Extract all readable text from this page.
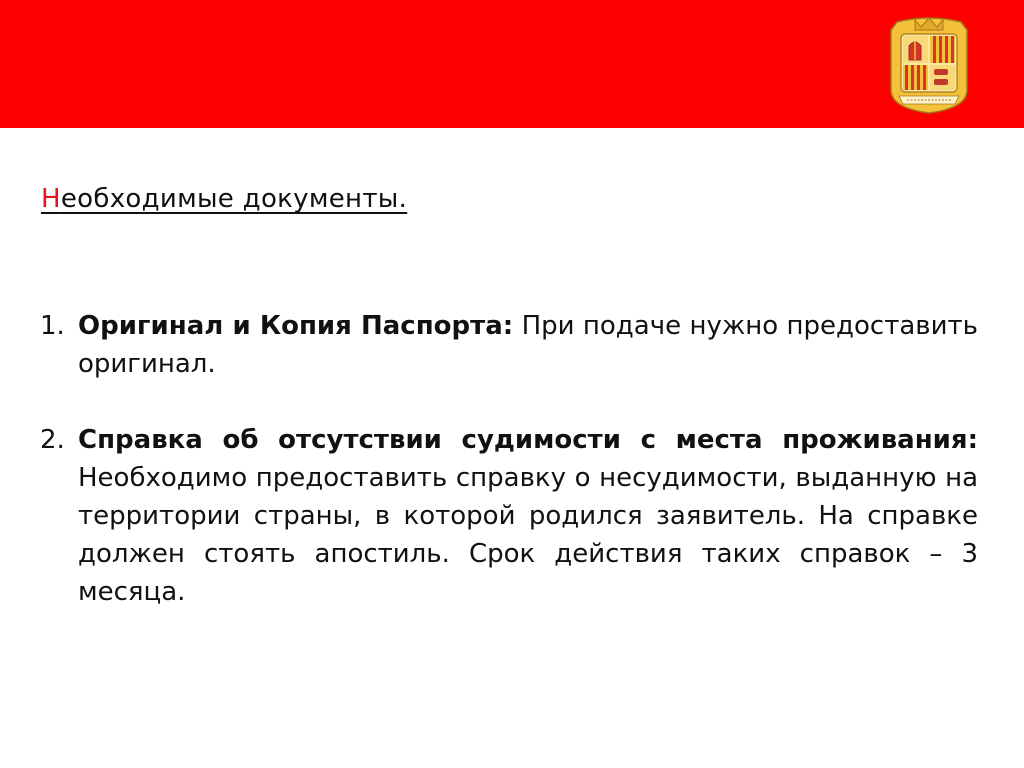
Необходимые документы.

1. Оригинал и Копия Паспорта: При подаче нужно предоставить оригинал.

2. Справка об отсутствии судимости с места проживания: Необходимо предоставить справку о несудимости, выданную на территории страны, в которой родился заявитель. На справке должен стоять апостиль. Срок действия таких справок – 3 месяца.
